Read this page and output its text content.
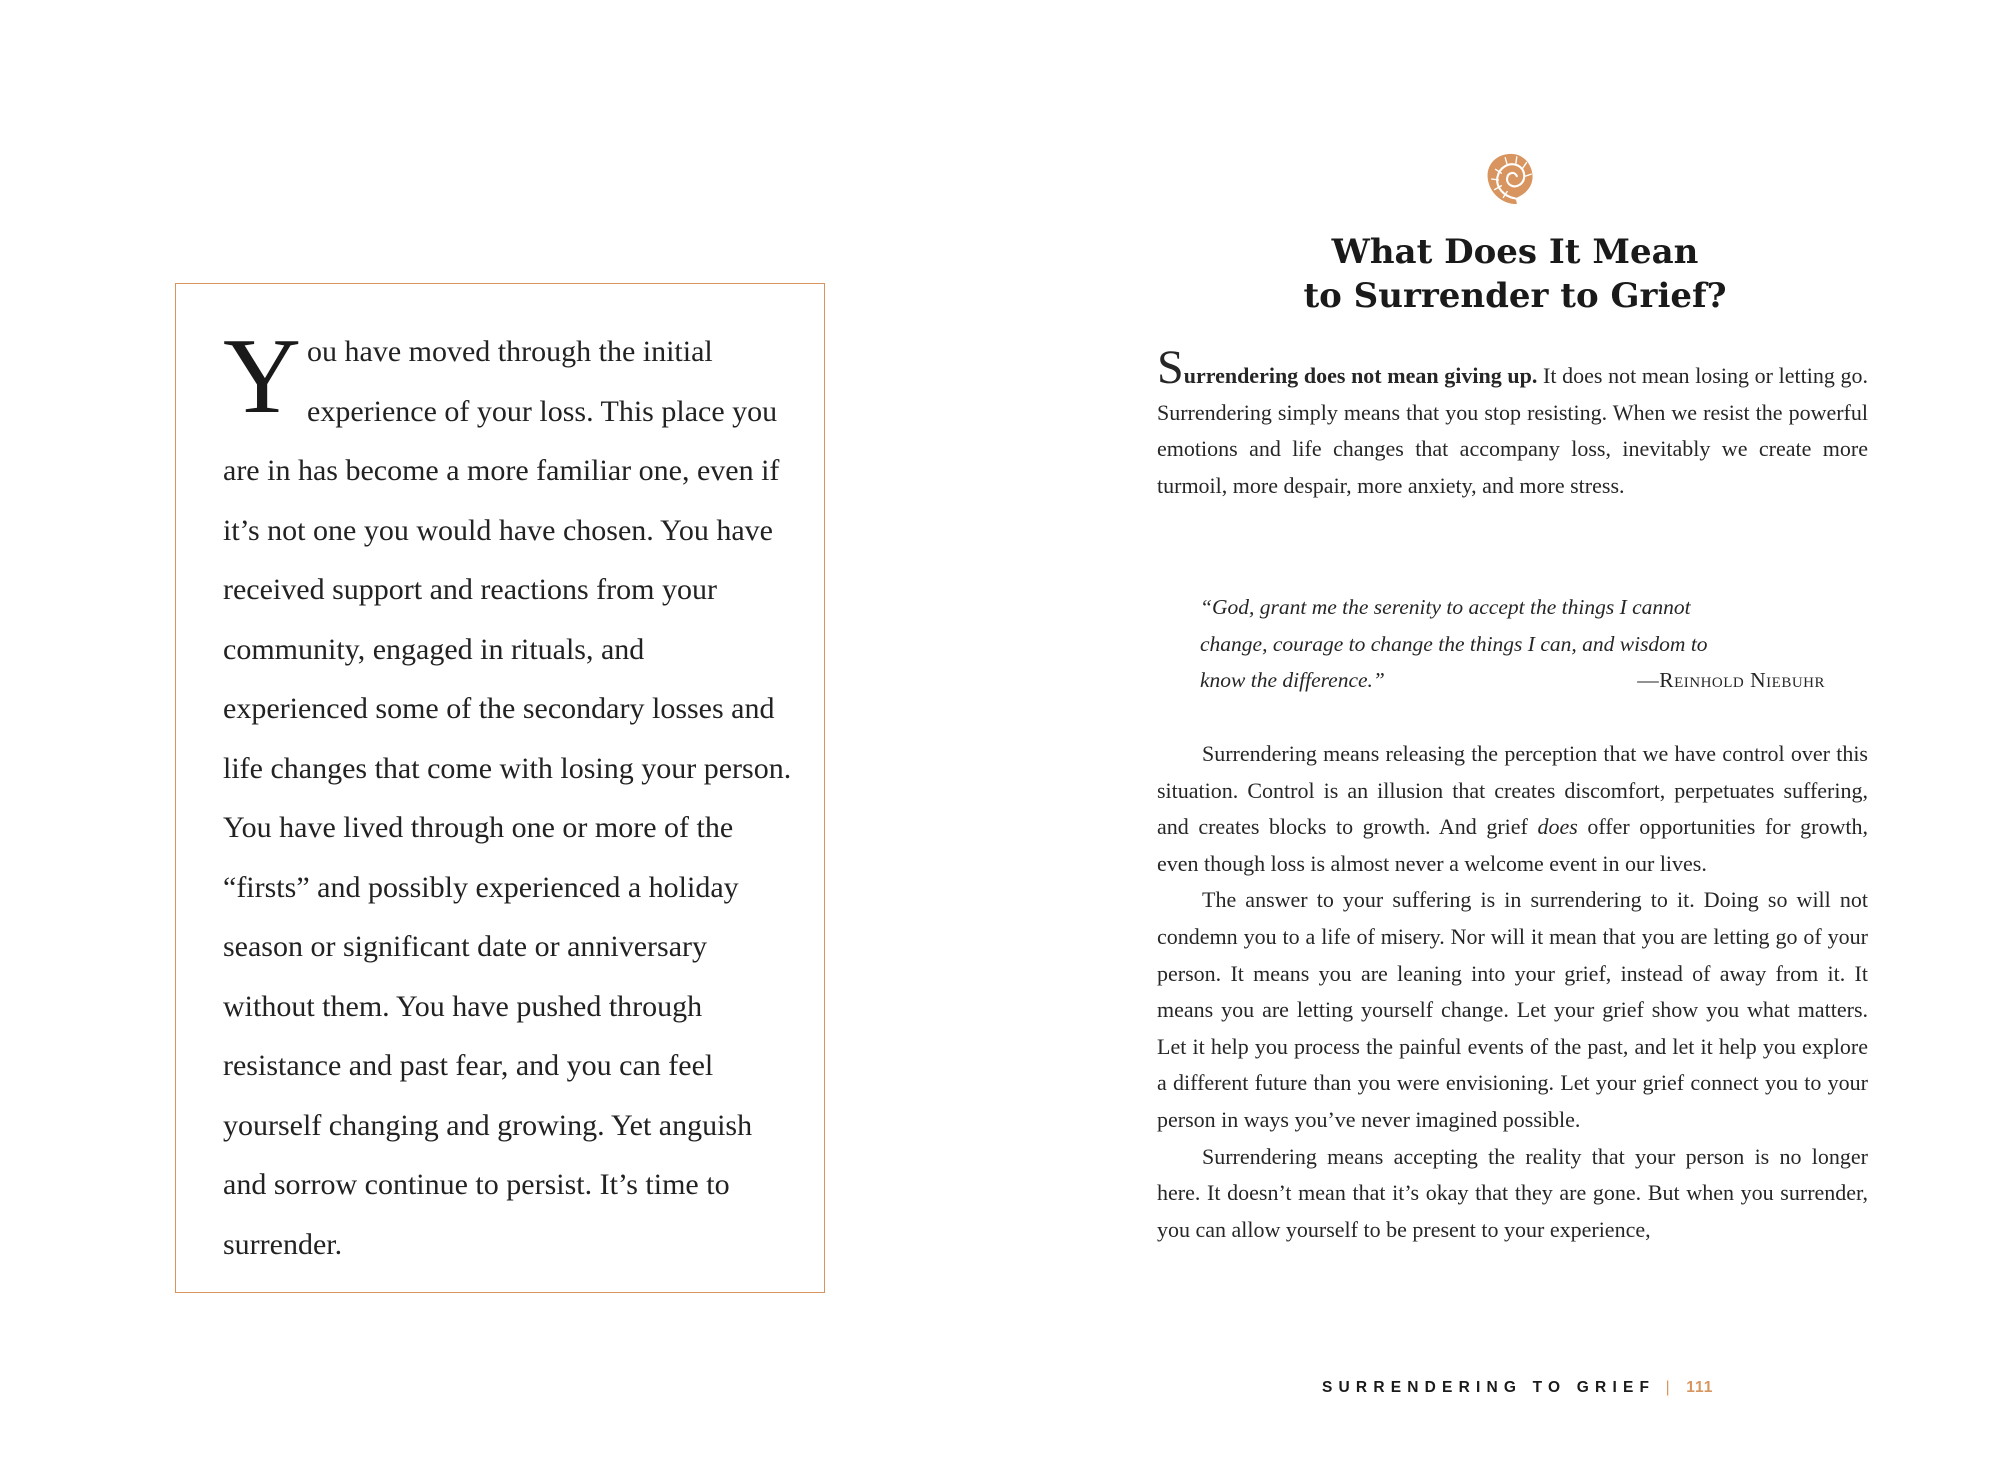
You have moved through the initial experience of your loss. This place you are in has become a more familiar one, even if it’s not one you would have chosen. You have received support and reactions from your community, engaged in rituals, and experienced some of the secondary losses and life changes that come with losing your person. You have lived through one or more of the “firsts” and possibly experienced a holiday season or significant date or anniversary without them. You have pushed through resistance and past fear, and you can feel yourself changing and growing. Yet anguish and sorrow continue to persist. It’s time to surrender.

What Does It Mean
to Surrender to Grief?

Surrendering does not mean giving up. It does not mean losing or letting go. Surrendering simply means that you stop resisting. When we resist the powerful emotions and life changes that accompany loss, inevitably we create more turmoil, more despair, more anxiety, and more stress.

“God, grant me the serenity to accept the things I cannot
change, courage to change the things I can, and wisdom to
know the difference.”	—Reinhold Niebuhr

Surrendering means releasing the perception that we have control over this situation. Control is an illusion that creates discomfort, perpetuates suffering, and creates blocks to growth. And grief does offer opportunities for growth, even though loss is almost never a welcome event in our lives.

The answer to your suffering is in surrendering to it. Doing so will not condemn you to a life of misery. Nor will it mean that you are letting go of your person. It means you are leaning into your grief, instead of away from it. It means you are letting yourself change. Let your grief show you what matters. Let it help you process the painful events of the past, and let it help you explore a different future than you were envisioning. Let your grief connect you to your person in ways you’ve never imagined possible.

Surrendering means accepting the reality that your person is no longer here. It doesn’t mean that it’s okay that they are gone. But when you surrender, you can allow yourself to be present to your experience,

SURRENDERING TO GRIEF | 111
